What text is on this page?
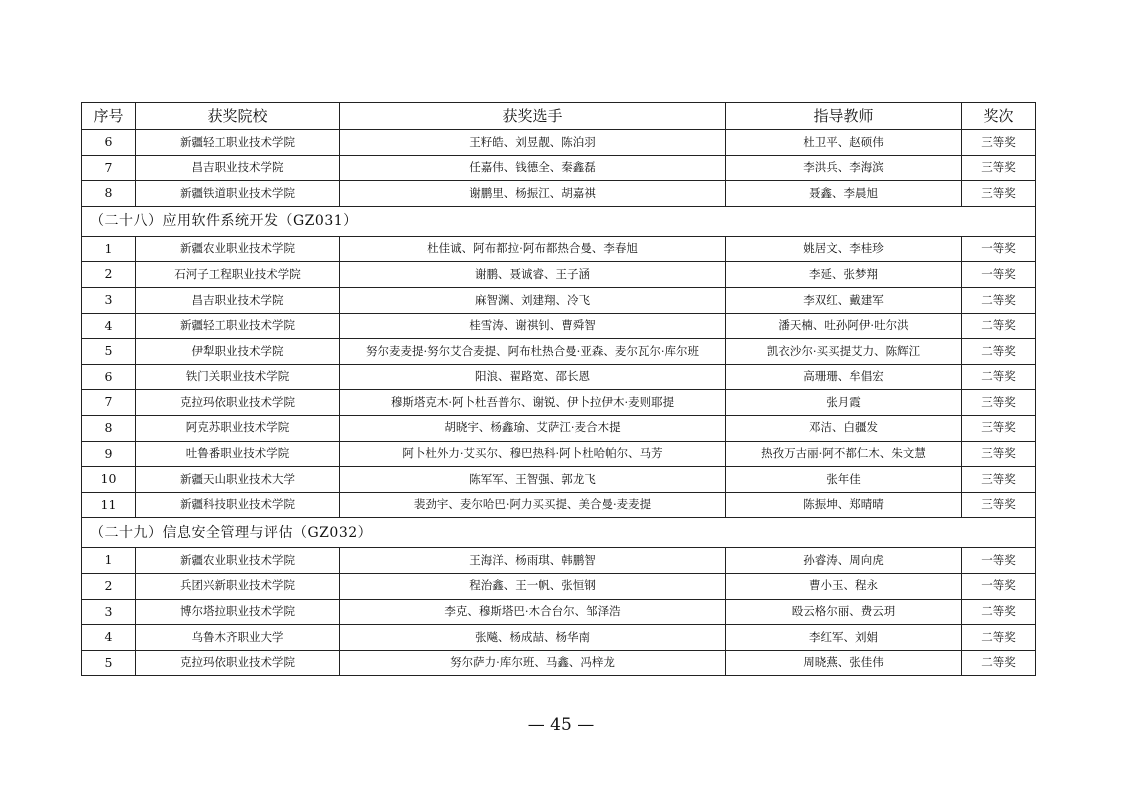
序号	获奖院校	获奖选手	指导教师	奖次
6	新疆轻工职业技术学院	王籽皓、刘昱靓、陈泊羽	杜卫平、赵硕伟	三等奖
7	昌吉职业技术学院	任嘉伟、钱德全、秦鑫磊	李洪兵、李海滨	三等奖
8	新疆铁道职业技术学院	谢鹏里、杨振江、胡嘉祺	聂鑫、李晨旭	三等奖
（二十八）应用软件系统开发（GZ031）				
1	新疆农业职业技术学院	杜佳诚、阿布都拉·阿布都热合曼、李春旭	姚居文、李桂珍	一等奖
2	石河子工程职业技术学院	谢鹏、聂诚睿、王子涵	李延、张梦翔	一等奖
3	昌吉职业技术学院	麻智渊、刘建翔、冷飞	李双红、戴建军	二等奖
4	新疆轻工职业技术学院	桂雪涛、谢祺钊、曹舜智	潘天楠、吐孙阿伊·吐尔洪	二等奖
5	伊犁职业技术学院	努尔麦麦提·努尔艾合麦提、阿布杜热合曼·亚森、麦尔瓦尔·库尔班	凯衣沙尔·买买提艾力、陈辉江	二等奖
6	铁门关职业技术学院	阳浪、翟路宽、邵长恩	高珊珊、牟倡宏	二等奖
7	克拉玛依职业技术学院	穆斯塔克木·阿卜杜吾普尔、谢锐、伊卜拉伊木·麦则耶提	张月霞	三等奖
8	阿克苏职业技术学院	胡晓宇、杨鑫瑜、艾萨江·麦合木提	邓洁、白疆发	三等奖
9	吐鲁番职业技术学院	阿卜杜外力·艾买尔、穆巴热科·阿卜杜哈帕尔、马芳	热孜万古丽·阿不都仁木、朱文慧	三等奖
10	新疆天山职业技术大学	陈军军、王智强、郭龙飞	张年佳	三等奖
11	新疆科技职业技术学院	裴劲宇、麦尔哈巴·阿力买买提、美合曼·麦麦提	陈振坤、郑晴晴	三等奖
（二十九）信息安全管理与评估（GZ032）				
1	新疆农业职业技术学院	王海洋、杨雨琪、韩鹏智	孙睿涛、周向虎	一等奖
2	兵团兴新职业技术学院	程治鑫、王一帆、张恒钢	曹小玉、程永	一等奖
3	博尔塔拉职业技术学院	李克、穆斯塔巴·木合台尔、邹泽浩	殴云格尔丽、费云玥	二等奖
4	乌鲁木齐职业大学	张飚、杨成喆、杨华南	李红军、刘娟	二等奖
5	克拉玛依职业技术学院	努尔萨力·库尔班、马鑫、冯梓龙	周晓燕、张佳伟	二等奖
— 45 —
